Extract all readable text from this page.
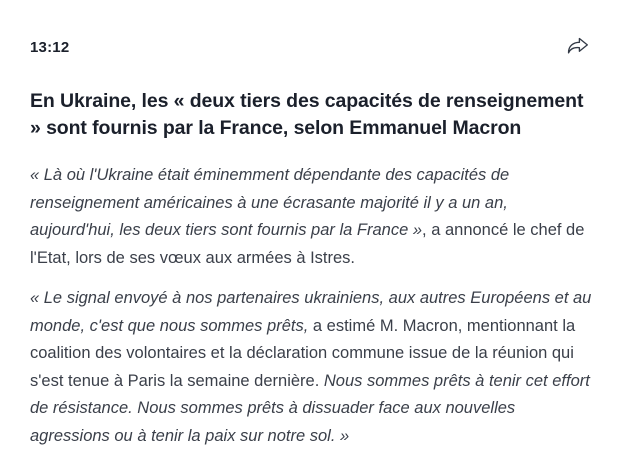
13:12
En Ukraine, les « deux tiers des capacités de renseignement » sont fournis par la France, selon Emmanuel Macron

« Là où l'Ukraine était éminemment dépendante des capacités de renseignement américaines à une écrasante majorité il y a un an, aujourd'hui, les deux tiers sont fournis par la France », a annoncé le chef de l'Etat, lors de ses vœux aux armées à Istres.

« Le signal envoyé à nos partenaires ukrainiens, aux autres Européens et au monde, c'est que nous sommes prêts, a estimé M. Macron, mentionnant la coalition des volontaires et la déclaration commune issue de la réunion qui s'est tenue à Paris la semaine dernière. Nous sommes prêts à tenir cet effort de résistance. Nous sommes prêts à dissuader face aux nouvelles agressions ou à tenir la paix sur notre sol. »
